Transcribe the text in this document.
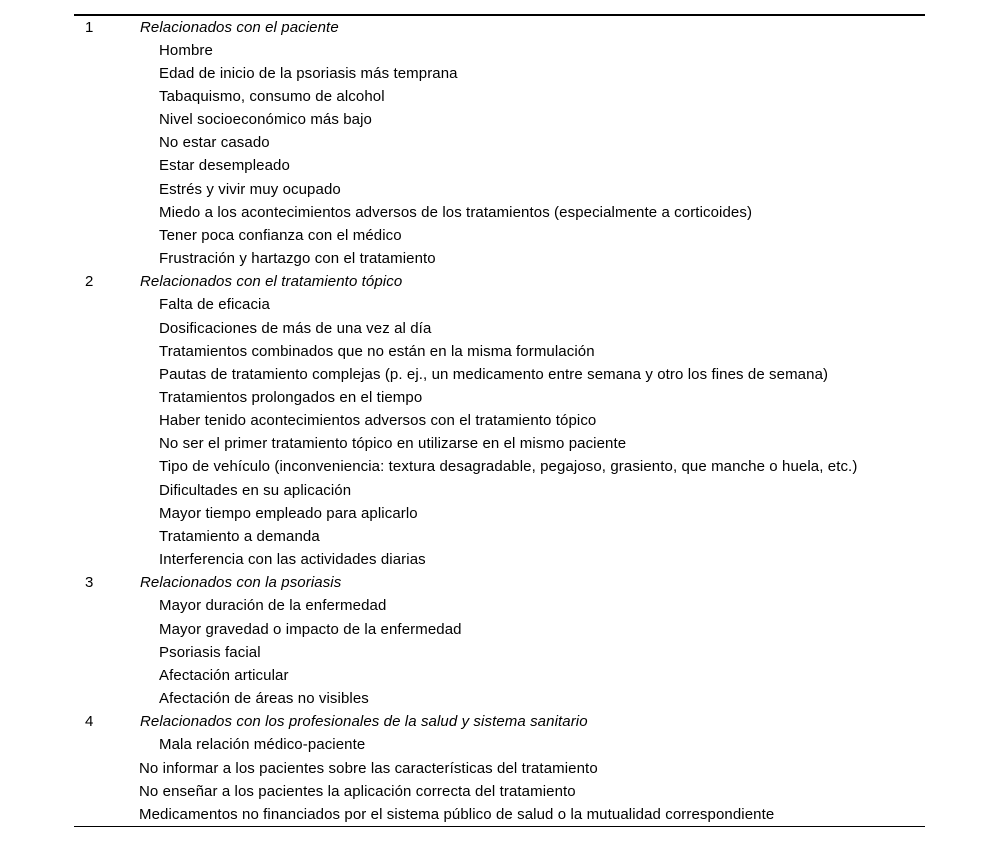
1	Relacionados con el paciente
Hombre
Edad de inicio de la psoriasis más temprana
Tabaquismo, consumo de alcohol
Nivel socioeconómico más bajo
No estar casado
Estar desempleado
Estrés y vivir muy ocupado
Miedo a los acontecimientos adversos de los tratamientos (especialmente a corticoides)
Tener poca confianza con el médico
Frustración y hartazgo con el tratamiento
2	Relacionados con el tratamiento tópico
Falta de eficacia
Dosificaciones de más de una vez al día
Tratamientos combinados que no están en la misma formulación
Pautas de tratamiento complejas (p. ej., un medicamento entre semana y otro los fines de semana)
Tratamientos prolongados en el tiempo
Haber tenido acontecimientos adversos con el tratamiento tópico
No ser el primer tratamiento tópico en utilizarse en el mismo paciente
Tipo de vehículo (inconveniencia: textura desagradable, pegajoso, grasiento, que manche o huela, etc.)
Dificultades en su aplicación
Mayor tiempo empleado para aplicarlo
Tratamiento a demanda
Interferencia con las actividades diarias
3	Relacionados con la psoriasis
Mayor duración de la enfermedad
Mayor gravedad o impacto de la enfermedad
Psoriasis facial
Afectación articular
Afectación de áreas no visibles
4	Relacionados con los profesionales de la salud y sistema sanitario
Mala relación médico-paciente
No informar a los pacientes sobre las características del tratamiento
No enseñar a los pacientes la aplicación correcta del tratamiento
Medicamentos no financiados por el sistema público de salud o la mutualidad correspondiente
